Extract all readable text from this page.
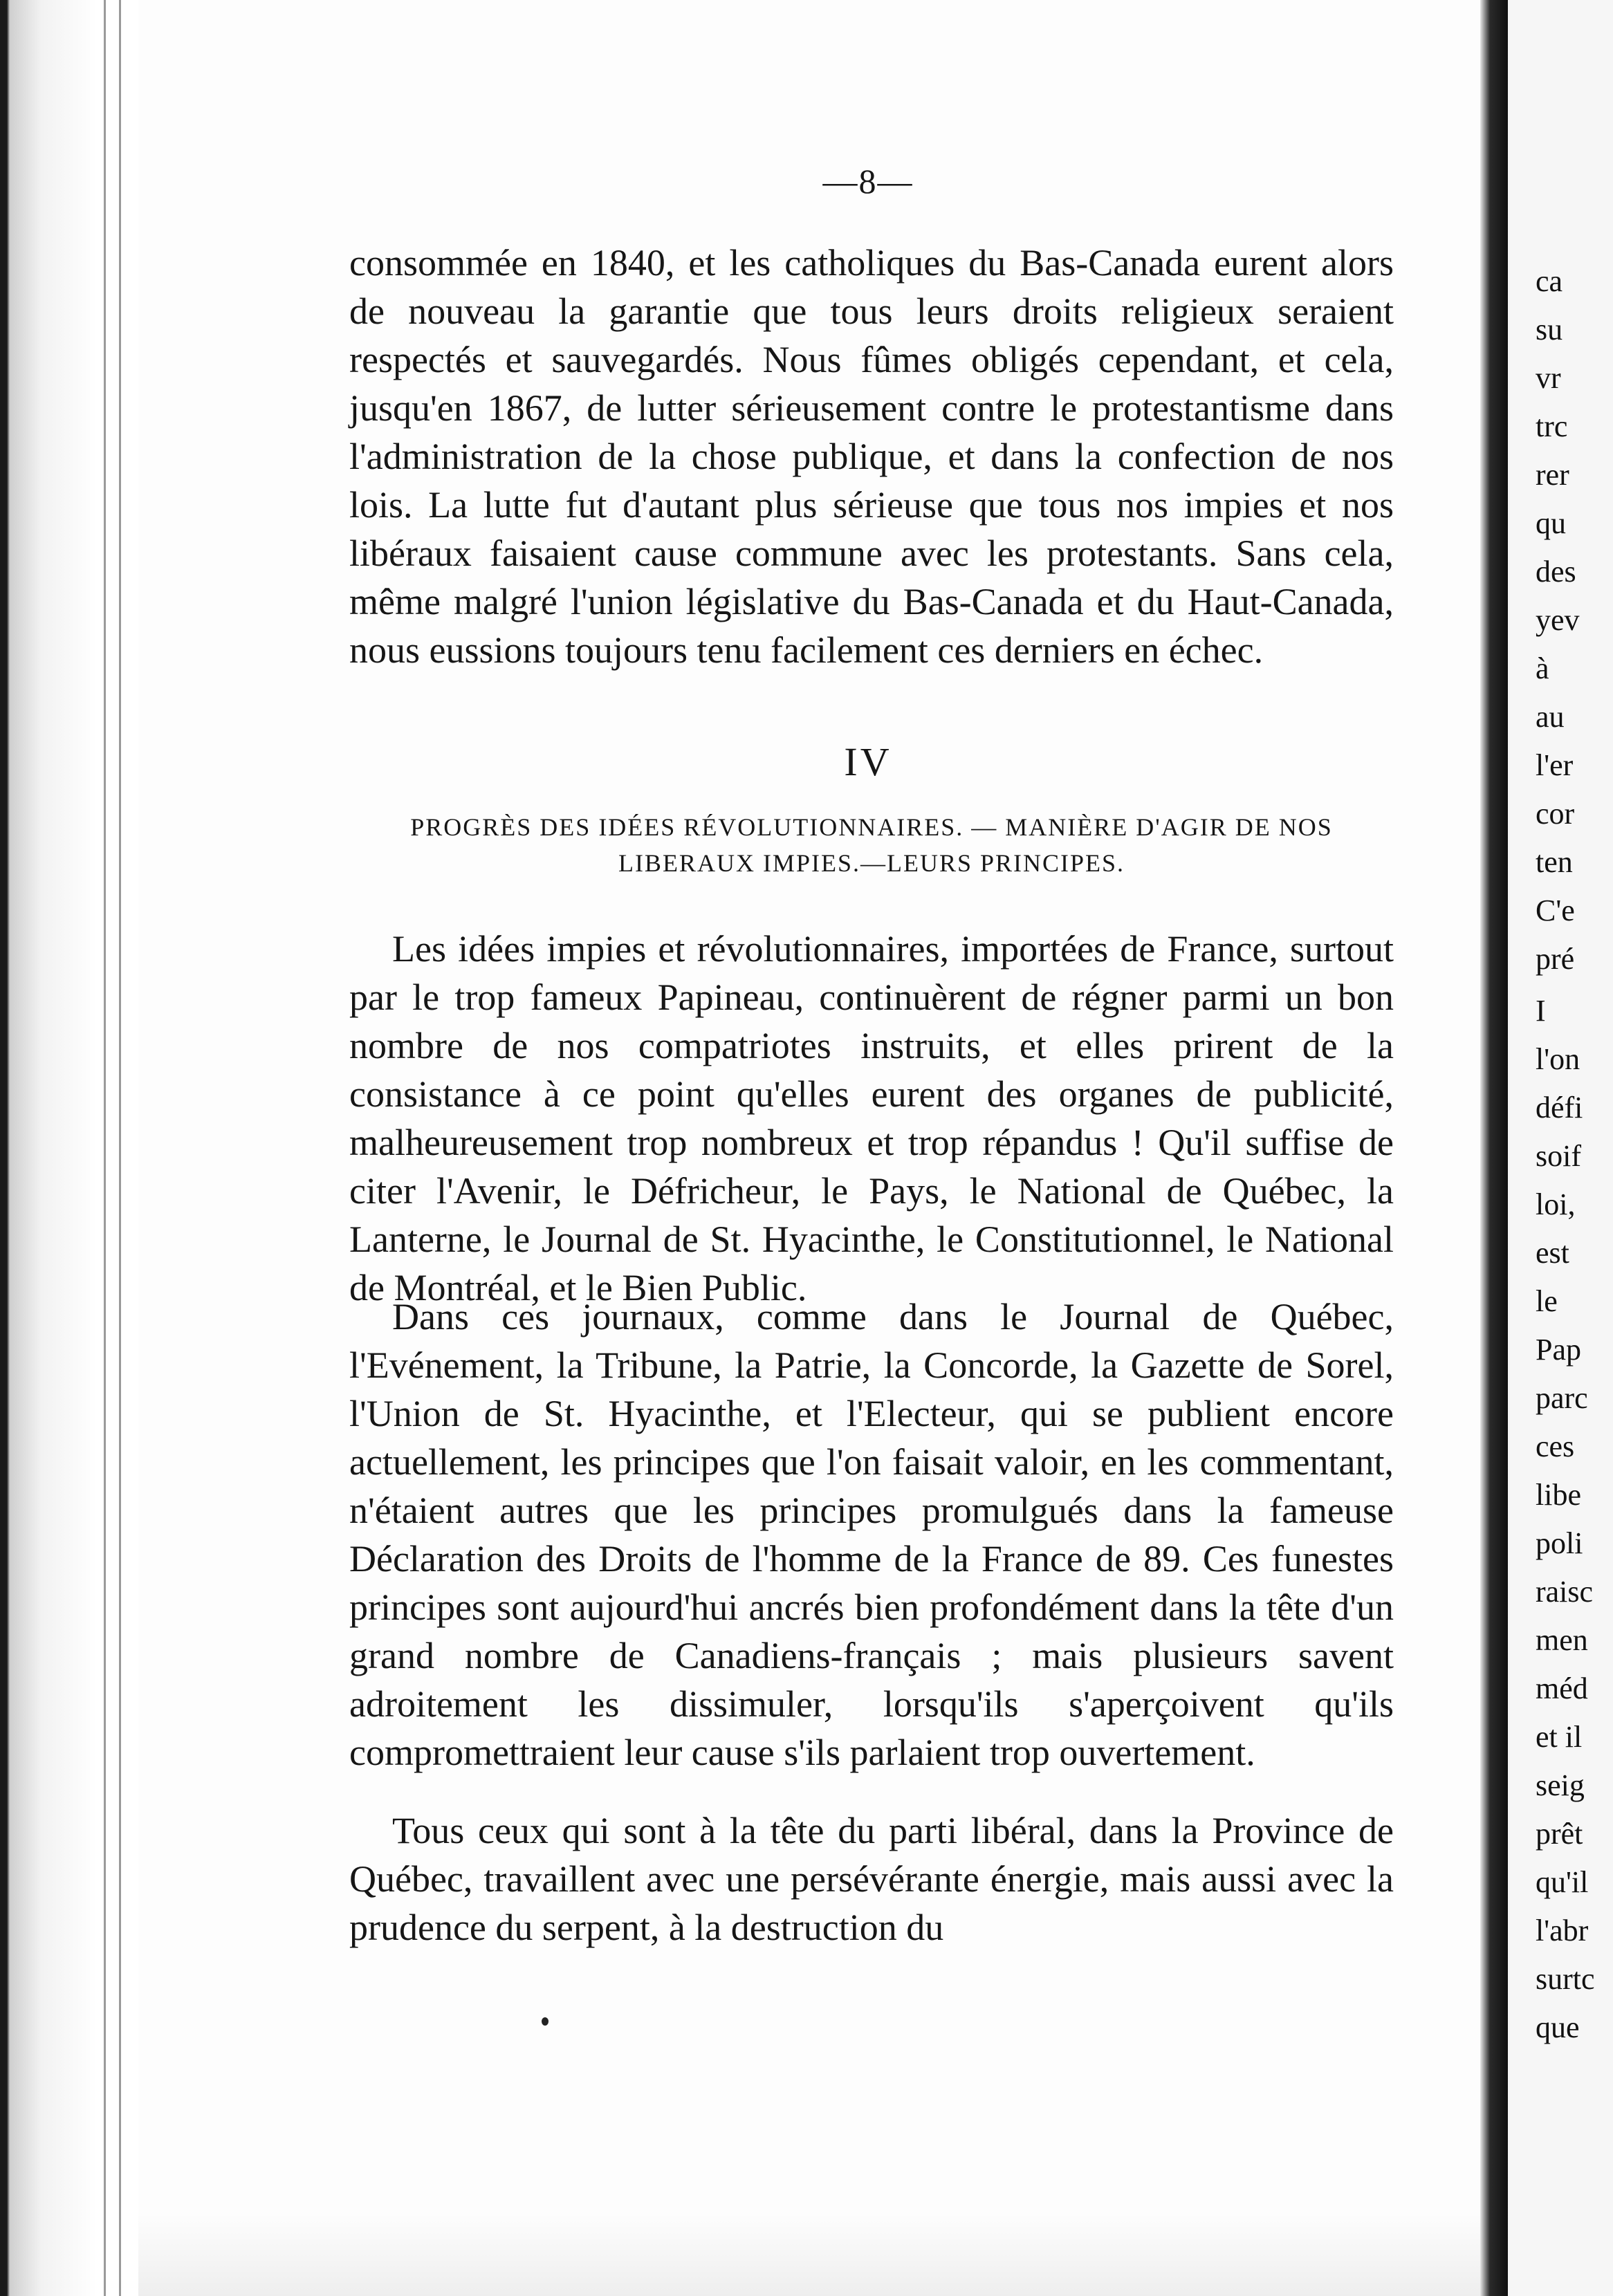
—8—
consommée en 1840, et les catholiques du Bas-Canada eurent alors de nouveau la garantie que tous leurs droits religieux seraient respectés et sauvegardés. Nous fûmes obligés cependant, et cela, jusqu'en 1867, de lutter sérieusement contre le protestantisme dans l'administration de la chose publique, et dans la confection de nos lois. La lutte fut d'autant plus sérieuse que tous nos impies et nos libéraux faisaient cause commune avec les protestants. Sans cela, même malgré l'union législative du Bas-Canada et du Haut-Canada, nous eussions toujours tenu facilement ces derniers en échec.
IV
PROGRÈS DES IDÉES RÉVOLUTIONNAIRES. — MANIÈRE D'AGIR DE NOS LIBERAUX IMPIES.—LEURS PRINCIPES.
Les idées impies et révolutionnaires, importées de France, surtout par le trop fameux Papineau, continuèrent de régner parmi un bon nombre de nos compatriotes instruits, et elles prirent de la consistance à ce point qu'elles eurent des organes de publicité, malheureusement trop nombreux et trop répandus ! Qu'il suffise de citer l'Avenir, le Défricheur, le Pays, le National de Québec, la Lanterne, le Journal de St. Hyacinthe, le Constitutionnel, le National de Montréal, et le Bien Public.
Dans ces journaux, comme dans le Journal de Québec, l'Evénement, la Tribune, la Patrie, la Concorde, la Gazette de Sorel, l'Union de St. Hyacinthe, et l'Electeur, qui se publient encore actuellement, les principes que l'on faisait valoir, en les commentant, n'étaient autres que les principes promulgués dans la fameuse Déclaration des Droits de l'homme de la France de 89. Ces funestes principes sont aujourd'hui ancrés bien profondément dans la tête d'un grand nombre de Canadiens-français ; mais plusieurs savent adroitement les dissimuler, lorsqu'ils s'aperçoivent qu'ils compromettraient leur cause s'ils parlaient trop ouvertement.
Tous ceux qui sont à la tête du parti libéral, dans la Province de Québec, travaillent avec une persévérante énergie, mais aussi avec la prudence du serpent, à la destruction du
ca
su
vr
trc
rer
qu
des
yev
à
au
l'er
cor
ten
C'e
pré
I
l'on
défi
soif
loi,
est
le
Pap
parc
ces
libe
poli
raisc
men
méd
et il
seig
prêt
qu'il
l'abr
surtc
que
